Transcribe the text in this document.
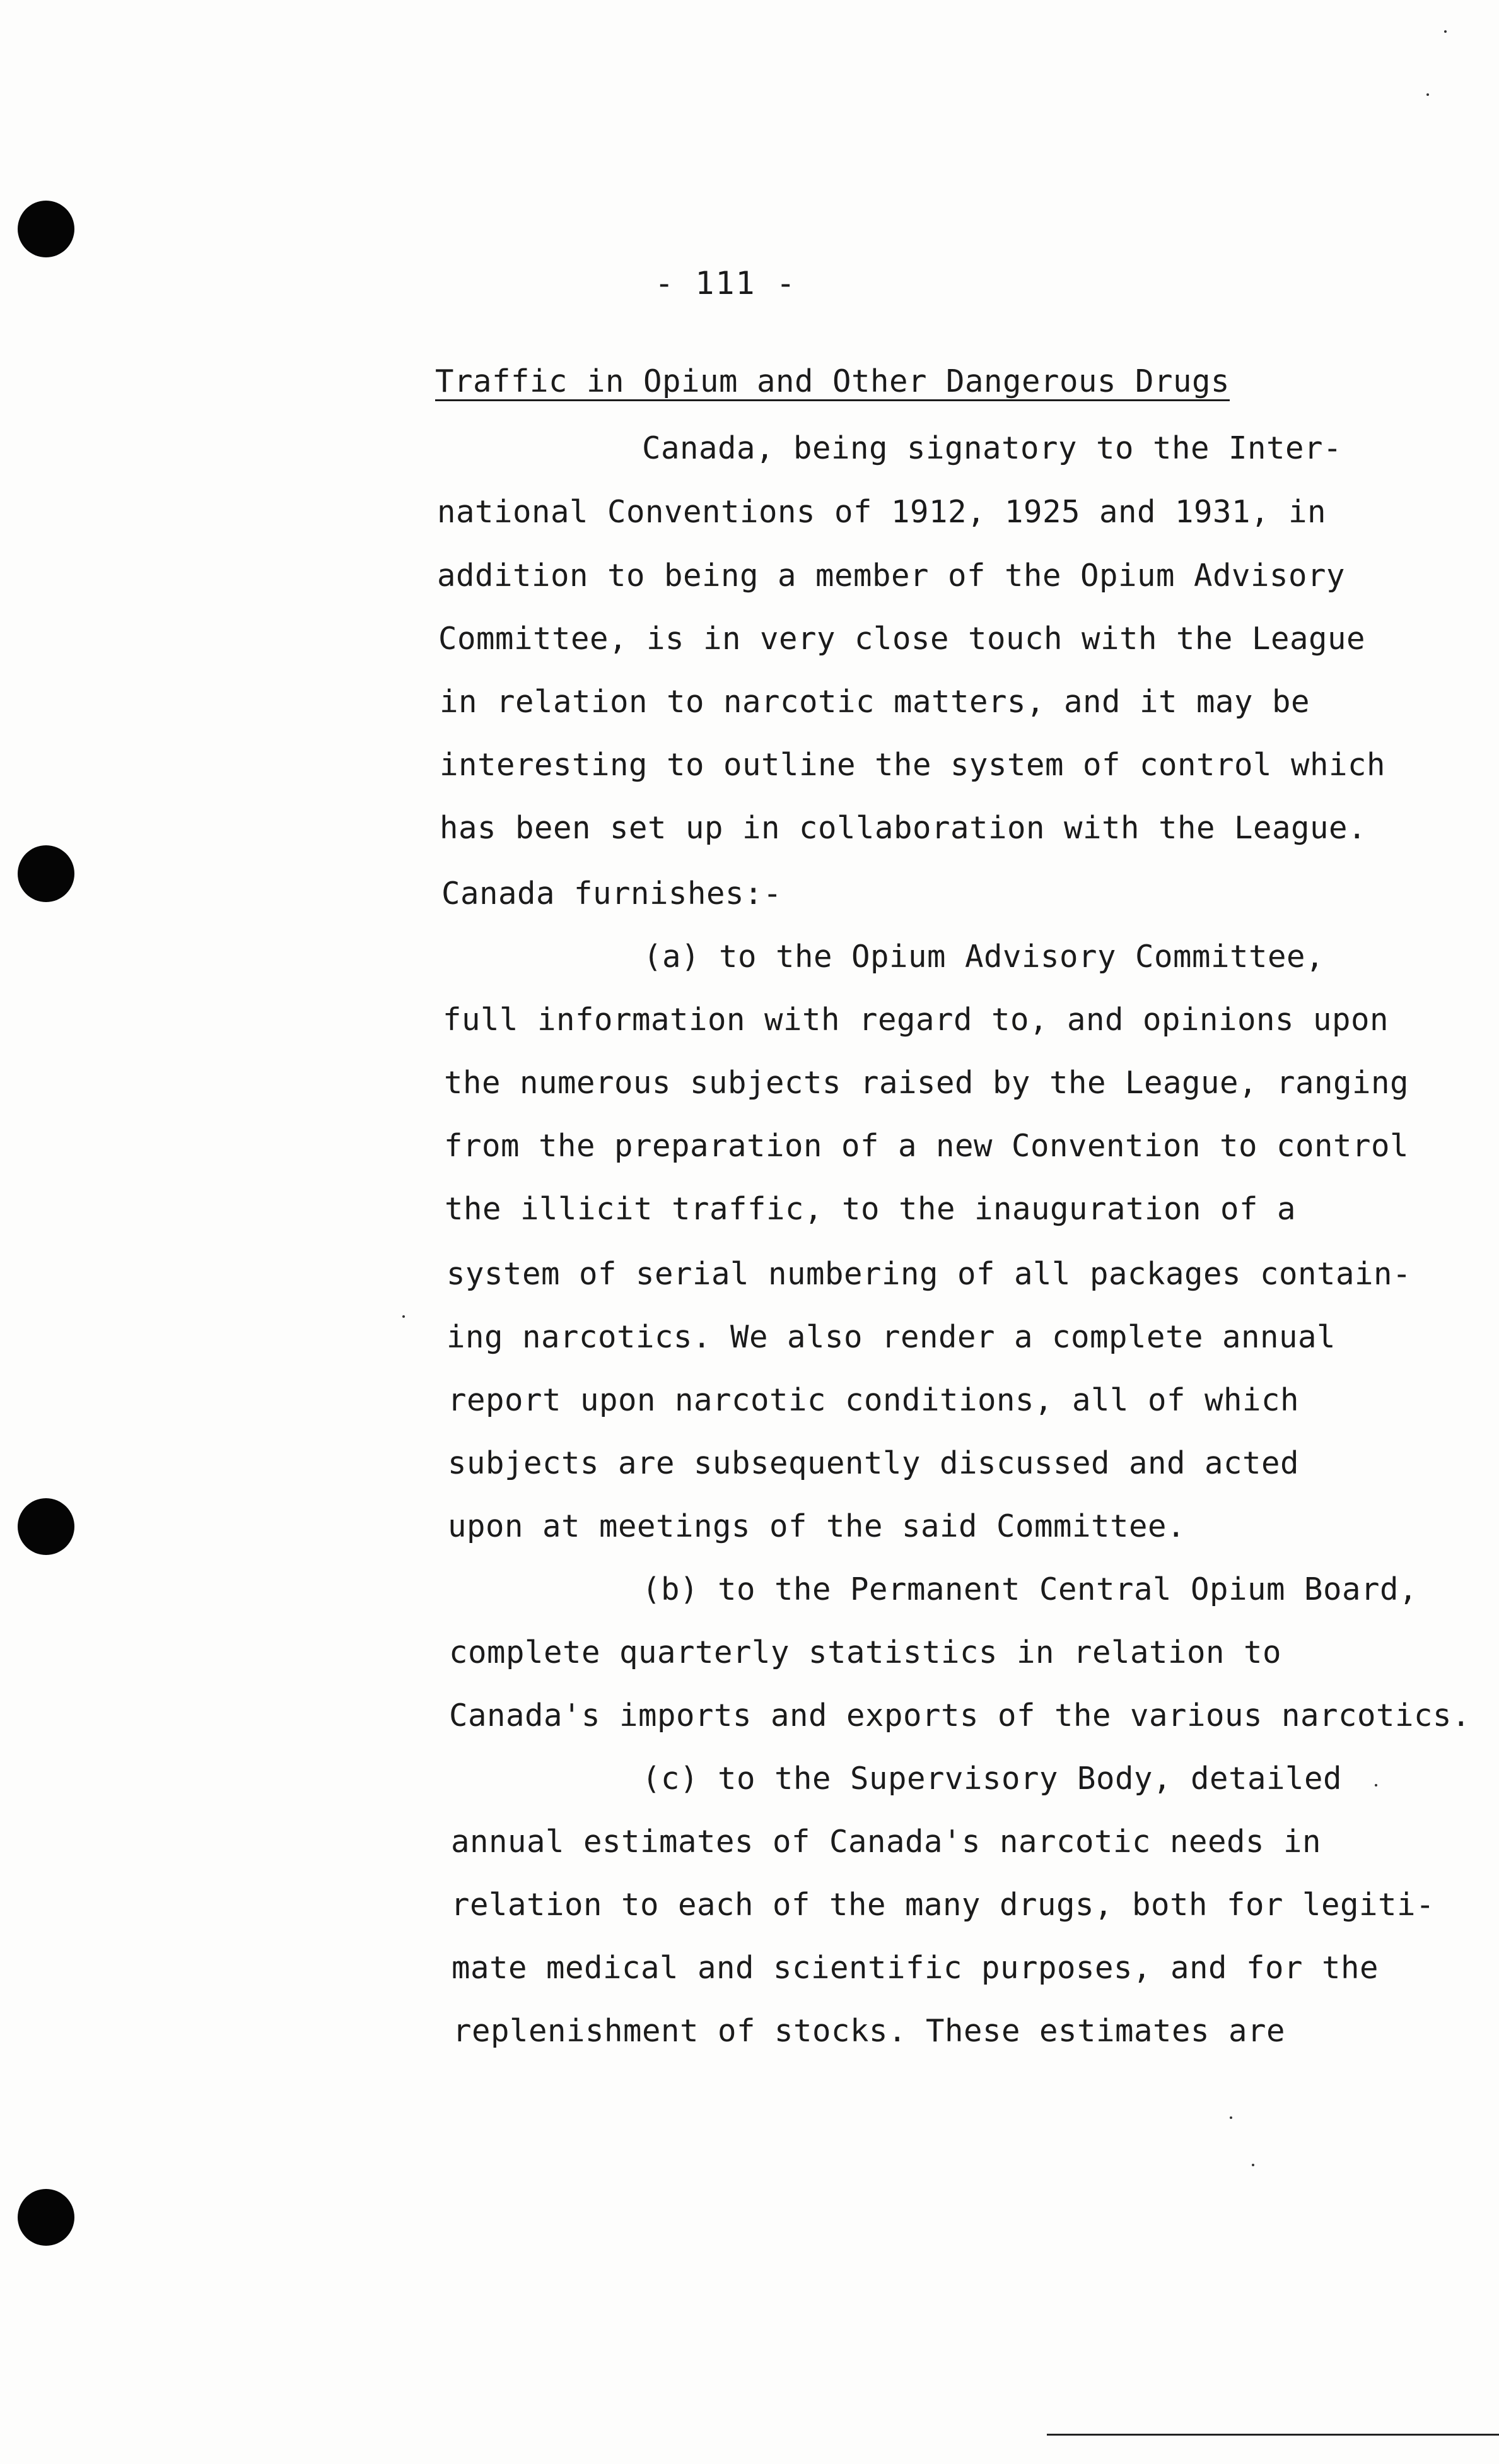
- 111 -
Traffic in Opium and Other Dangerous Drugs
Canada, being signatory to the Inter-
national Conventions of 1912, 1925 and 1931, in
addition to being a member of the Opium Advisory
Committee, is in very close touch with the League
in relation to narcotic matters, and it may be
interesting to outline the system of control which
has been set up in collaboration with the League.
Canada furnishes:-
(a) to the Opium Advisory Committee,
full information with regard to, and opinions upon
the numerous subjects raised by the League, ranging
from the preparation of a new Convention to control
the illicit traffic, to the inauguration of a
system of serial numbering of all packages contain-
ing narcotics. We also render a complete annual
report upon narcotic conditions, all of which
subjects are subsequently discussed and acted
upon at meetings of the said Committee.
(b) to the Permanent Central Opium Board,
complete quarterly statistics in relation to
Canada's imports and exports of the various narcotics.
(c) to the Supervisory Body, detailed
annual estimates of Canada's narcotic needs in
relation to each of the many drugs, both for legiti-
mate medical and scientific purposes, and for the
replenishment of stocks. These estimates are
